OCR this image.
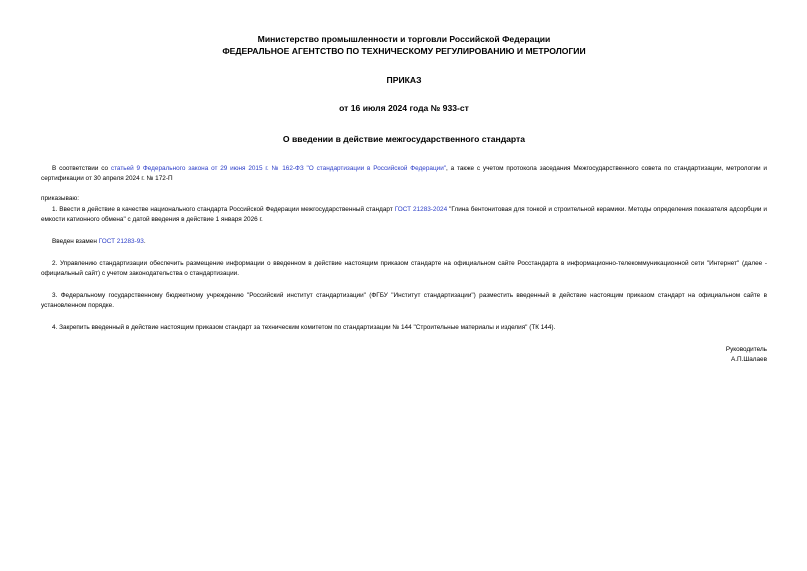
Министерство промышленности и торговли Российской Федерации
ФЕДЕРАЛЬНОЕ АГЕНТСТВО ПО ТЕХНИЧЕСКОМУ РЕГУЛИРОВАНИЮ И МЕТРОЛОГИИ
ПРИКАЗ
от 16 июля 2024 года № 933-ст
О введении в действие межгосударственного стандарта

В соответствии со статьей 9 Федерального закона от 29 июня 2015 г. № 162-ФЗ "О стандартизации в Российской Федерации", а также с учетом протокола заседания Межгосударственного совета по стандартизации, метрологии и сертификации от 30 апреля 2024 г. № 172-П

приказываю:

1. Ввести в действие в качестве национального стандарта Российской Федерации межгосударственный стандарт ГОСТ 21283-2024 "Глина бентонитовая для тонкой и строительной керамики. Методы определения показателя адсорбции и емкости катионного обмена" с датой введения в действие 1 января 2026 г.

Введен взамен ГОСТ 21283-93.

2. Управлению стандартизации обеспечить размещение информации о введенном в действие настоящим приказом стандарте на официальном сайте Росстандарта в информационно-телекоммуникационной сети "Интернет" (далее - официальный сайт) с учетом законодательства о стандартизации.

3. Федеральному государственному бюджетному учреждению "Российский институт стандартизации" (ФГБУ "Институт стандартизации") разместить введенный в действие настоящим приказом стандарт на официальном сайте в установленном порядке.

4. Закрепить введенный в действие настоящим приказом стандарт за техническим комитетом по стандартизации № 144 "Строительные материалы и изделия" (ТК 144).

Руководитель
А.П.Шалаев
